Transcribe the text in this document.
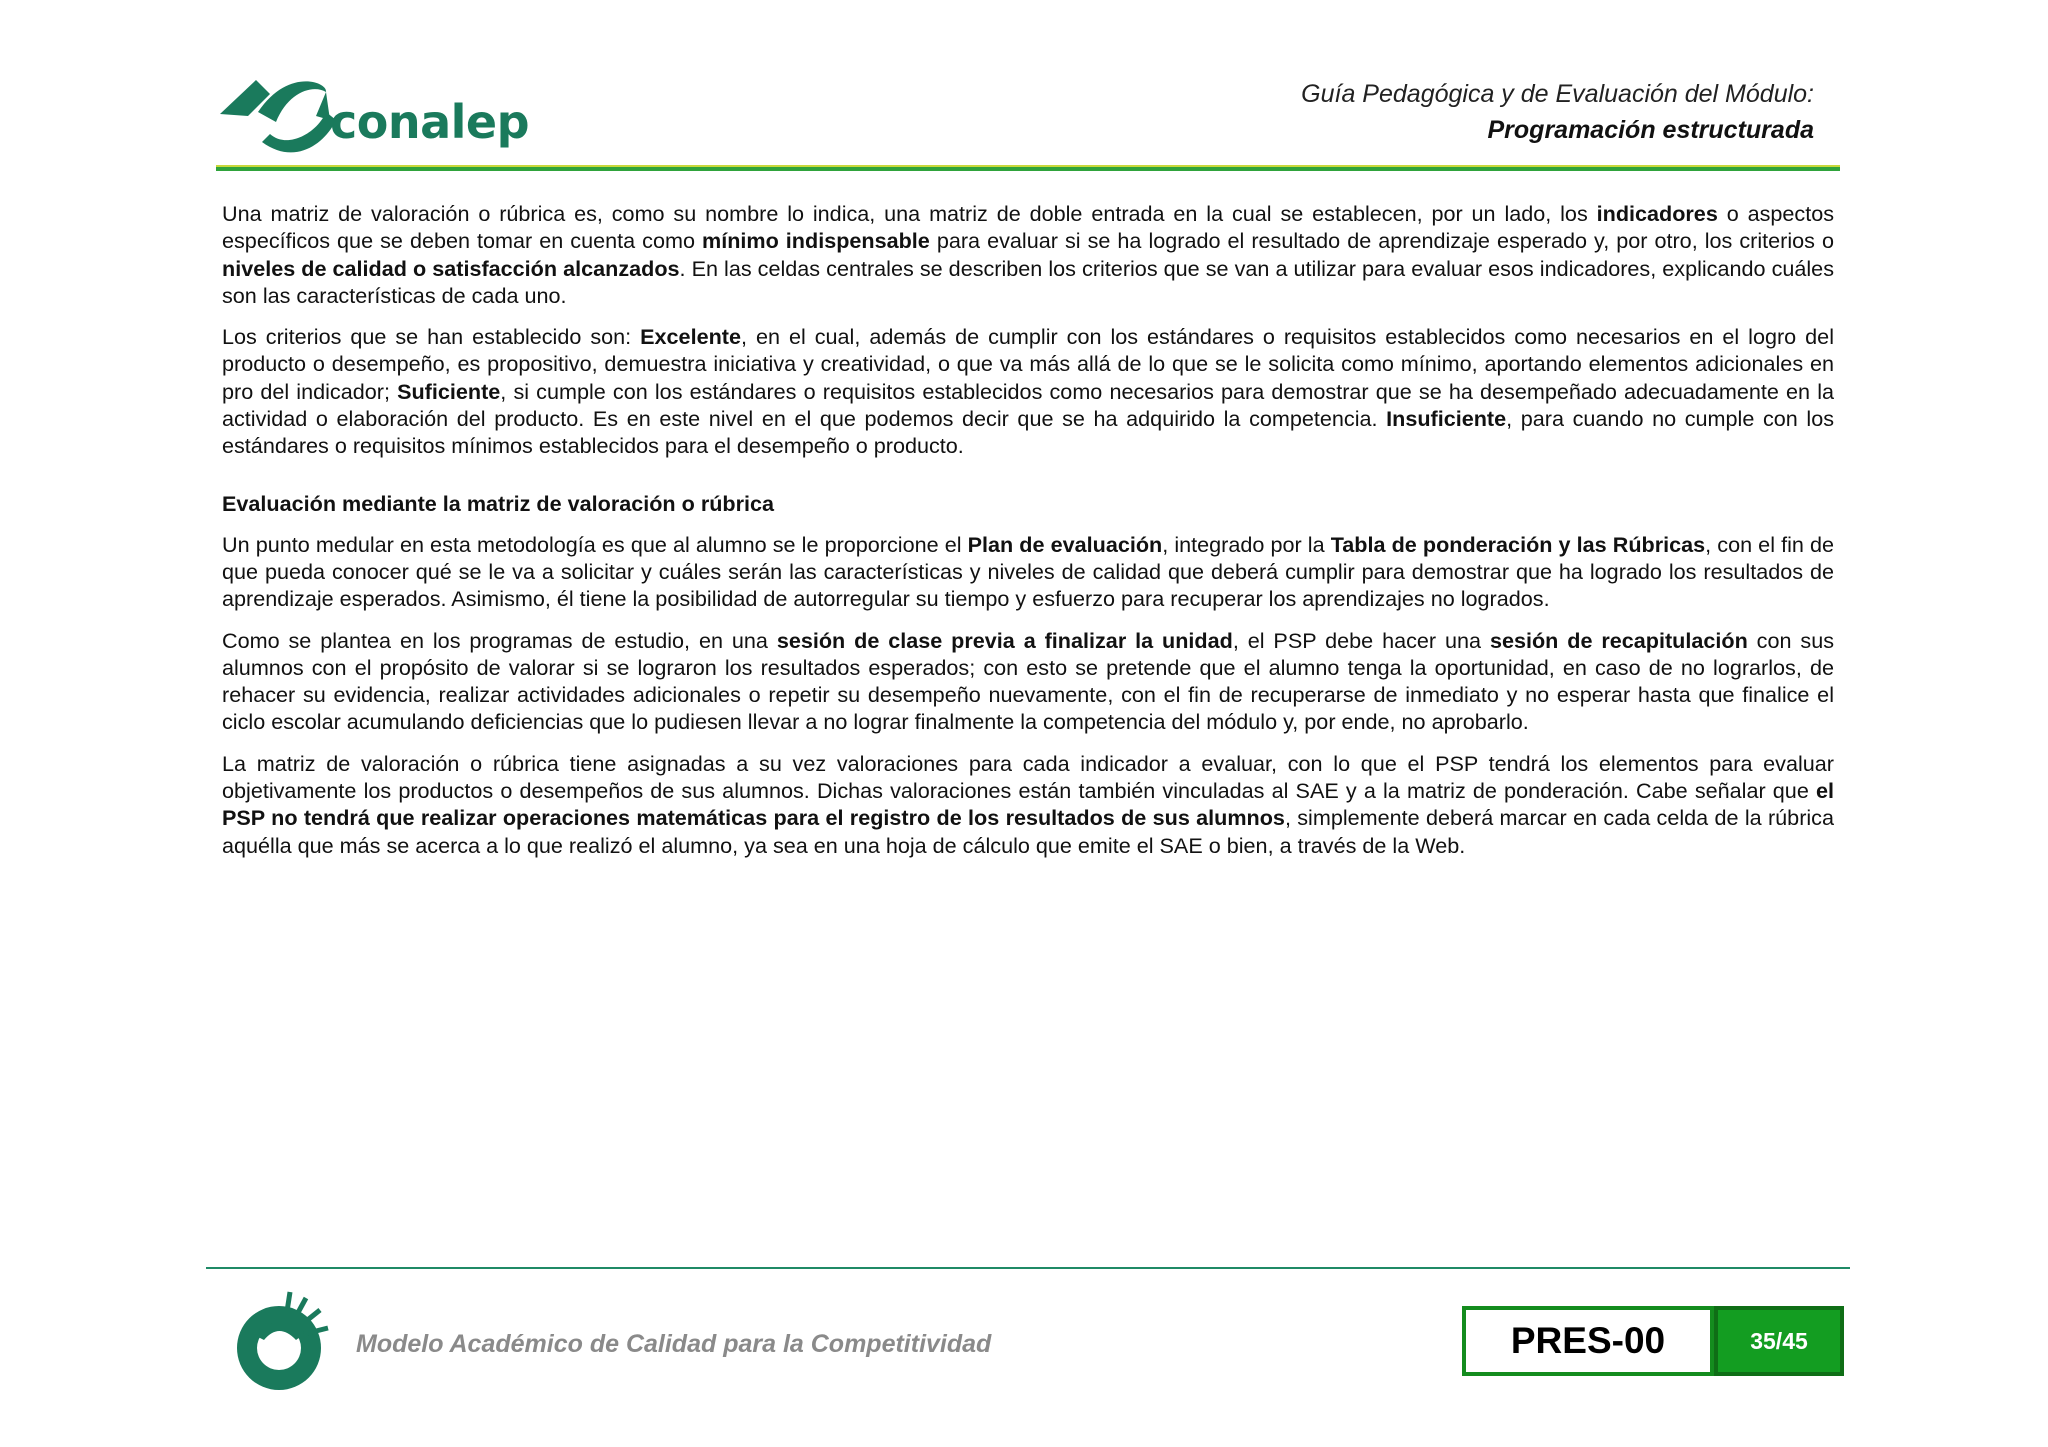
conalep
Guía Pedagógica y de Evaluación del Módulo:
Programación estructurada

Una matriz de valoración o rúbrica es, como su nombre lo indica, una matriz de doble entrada en la cual se establecen, por un lado, los indicadores o aspectos específicos que se deben tomar en cuenta como mínimo indispensable para evaluar si se ha logrado el resultado de aprendizaje esperado y, por otro, los criterios o niveles de calidad o satisfacción alcanzados. En las celdas centrales se describen los criterios que se van a utilizar para evaluar esos indicadores, explicando cuáles son las características de cada uno.

Los criterios que se han establecido son: Excelente, en el cual, además de cumplir con los estándares o requisitos establecidos como necesarios en el logro del producto o desempeño, es propositivo, demuestra iniciativa y creatividad, o que va más allá de lo que se le solicita como mínimo, aportando elementos adicionales en pro del indicador; Suficiente, si cumple con los estándares o requisitos establecidos como necesarios para demostrar que se ha desempeñado adecuadamente en la actividad o elaboración del producto. Es en este nivel en el que podemos decir que se ha adquirido la competencia. Insuficiente, para cuando no cumple con los estándares o requisitos mínimos establecidos para el desempeño o producto.

Evaluación mediante la matriz de valoración o rúbrica

Un punto medular en esta metodología es que al alumno se le proporcione el Plan de evaluación, integrado por la Tabla de ponderación y las Rúbricas, con el fin de que pueda conocer qué se le va a solicitar y cuáles serán las características y niveles de calidad que deberá cumplir para demostrar que ha logrado los resultados de aprendizaje esperados. Asimismo, él tiene la posibilidad de autorregular su tiempo y esfuerzo para recuperar los aprendizajes no logrados.

Como se plantea en los programas de estudio, en una sesión de clase previa a finalizar la unidad, el PSP debe hacer una sesión de recapitulación con sus alumnos con el propósito de valorar si se lograron los resultados esperados; con esto se pretende que el alumno tenga la oportunidad, en caso de no lograrlos, de rehacer su evidencia, realizar actividades adicionales o repetir su desempeño nuevamente, con el fin de recuperarse de inmediato y no esperar hasta que finalice el ciclo escolar acumulando deficiencias que lo pudiesen llevar a no lograr finalmente la competencia del módulo y, por ende, no aprobarlo.

La matriz de valoración o rúbrica tiene asignadas a su vez valoraciones para cada indicador a evaluar, con lo que el PSP tendrá los elementos para evaluar objetivamente los productos o desempeños de sus alumnos. Dichas valoraciones están también vinculadas al SAE y a la matriz de ponderación. Cabe señalar que el PSP no tendrá que realizar operaciones matemáticas para el registro de los resultados de sus alumnos, simplemente deberá marcar en cada celda de la rúbrica aquélla que más se acerca a lo que realizó el alumno, ya sea en una hoja de cálculo que emite el SAE o bien, a través de la Web.

Modelo Académico de Calidad para la Competitividad	PRES-00	35/45
